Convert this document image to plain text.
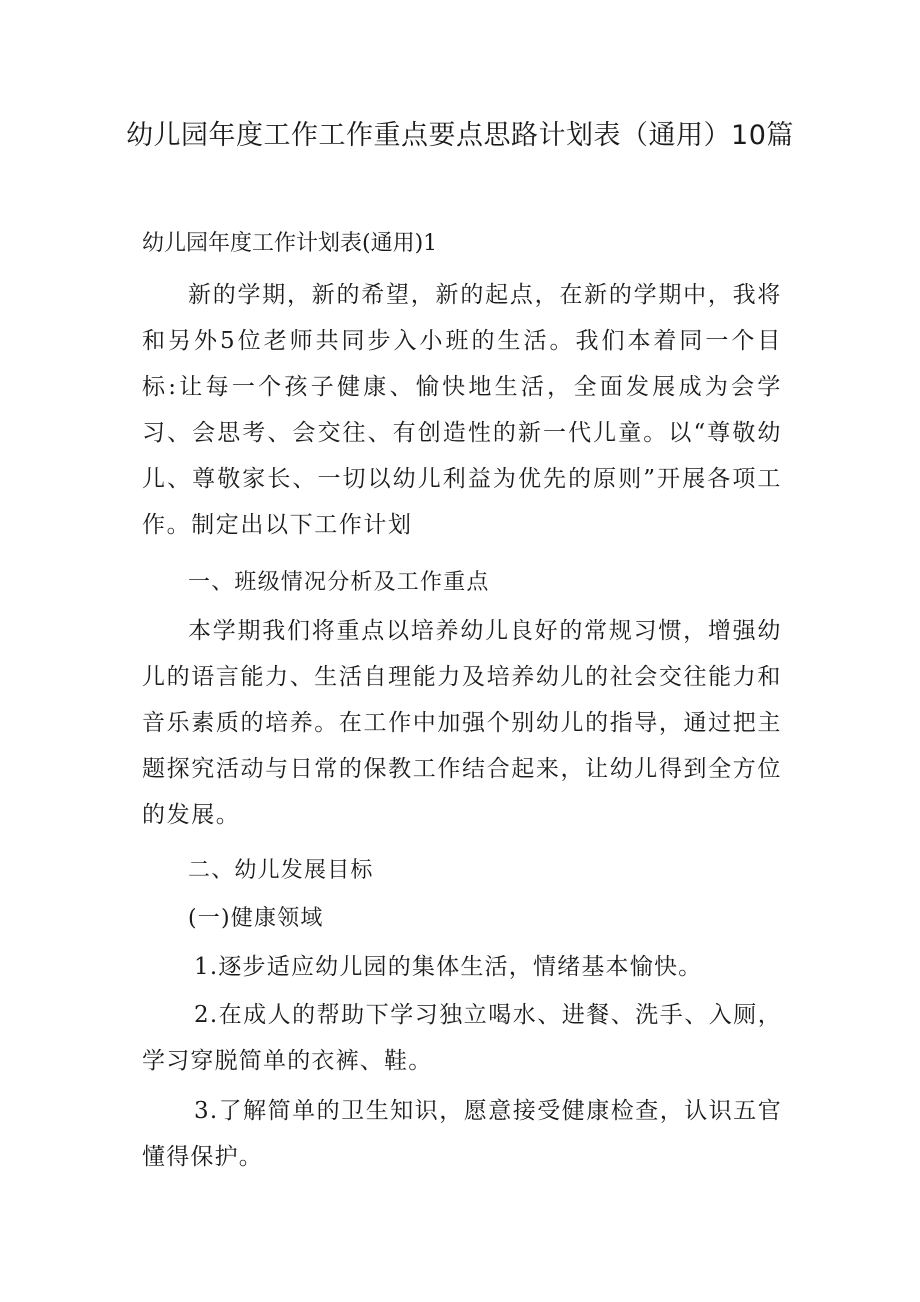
幼儿园年度工作工作重点要点思路计划表（通用）10篇

幼儿园年度工作计划表(通用)1

新的学期，新的希望，新的起点，在新的学期中，我将和另外5位老师共同步入小班的生活。我们本着同一个目标:让每一个孩子健康、愉快地生活，全面发展成为会学习、会思考、会交往、有创造性的新一代儿童。以“尊敬幼儿、尊敬家长、一切以幼儿利益为优先的原则”开展各项工作。制定出以下工作计划

一、班级情况分析及工作重点

本学期我们将重点以培养幼儿良好的常规习惯，增强幼儿的语言能力、生活自理能力及培养幼儿的社会交往能力和音乐素质的培养。在工作中加强个别幼儿的指导，通过把主题探究活动与日常的保教工作结合起来，让幼儿得到全方位的发展。

二、幼儿发展目标

(一)健康领域

1.逐步适应幼儿园的集体生活，情绪基本愉快。

2.在成人的帮助下学习独立喝水、进餐、洗手、入厕，学习穿脱简单的衣裤、鞋。

3.了解简单的卫生知识，愿意接受健康检查，认识五官懂得保护。
